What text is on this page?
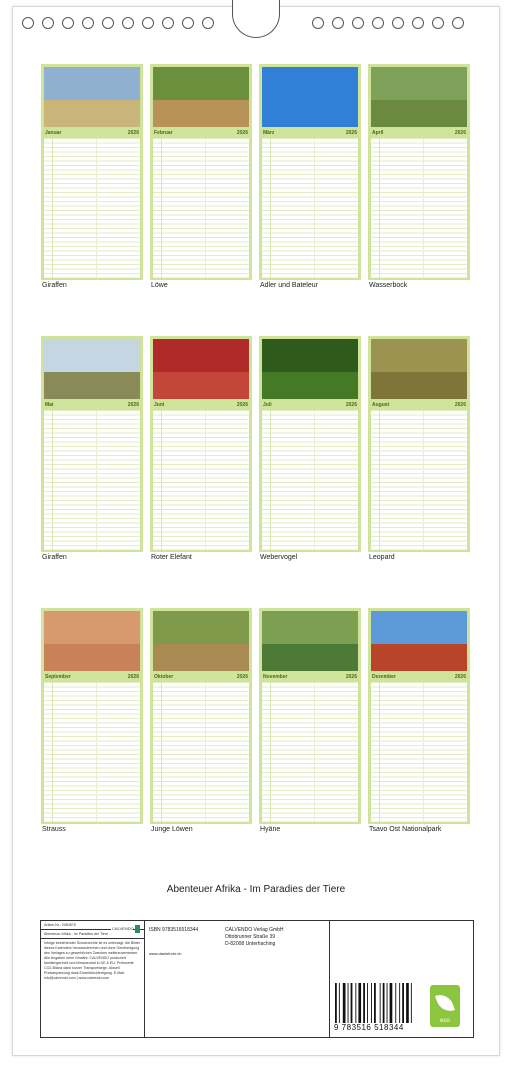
Januar	2026
Giraffen
Februar	2026
Löwe
März	2026
Adler und Bateleur
April	2026
Wasserbock
Mai	2026
Giraffen
Juni	2026
Roter Elefant
Juli	2026
Webervogel
August	2026
Leopard
September	2026
Strauss
Oktober	2026
Junge Löwen
November	2026
Hyäne
Dezember	2026
Tsavo Ost Nationalpark
Abenteuer Afrika - Im Paradies der Tiere
Artikel-Nr.: 2084875
Abenteuer Afrika - Im Paradies der Tiere
Infolge bestehender Schutzrechte ist es untersagt, die Bilder dieses Kalenders herauszutrennen und ohne Genehmigung des Verlages zu gewerblichen Zwecken weiterzuverwerten. Alle Angaben ohne Gewähr. CALVENDO produziert familiengerecht und klimaneutral in DE & EU. Preiswerte CO2-Bilanz dank kurzer Transportwege. Aktuell Preisanpassung dank Einzelstückfertigung. E-Mail: info@calvendo.com | www.calvendo.com
CALVENDO	ISBN 9783516518344
www.danielrohr.ch
CALVENDO Verlag GmbH
Ottobrunner Straße 39
D-82008 Unterhaching
9 783516 518344
eco
